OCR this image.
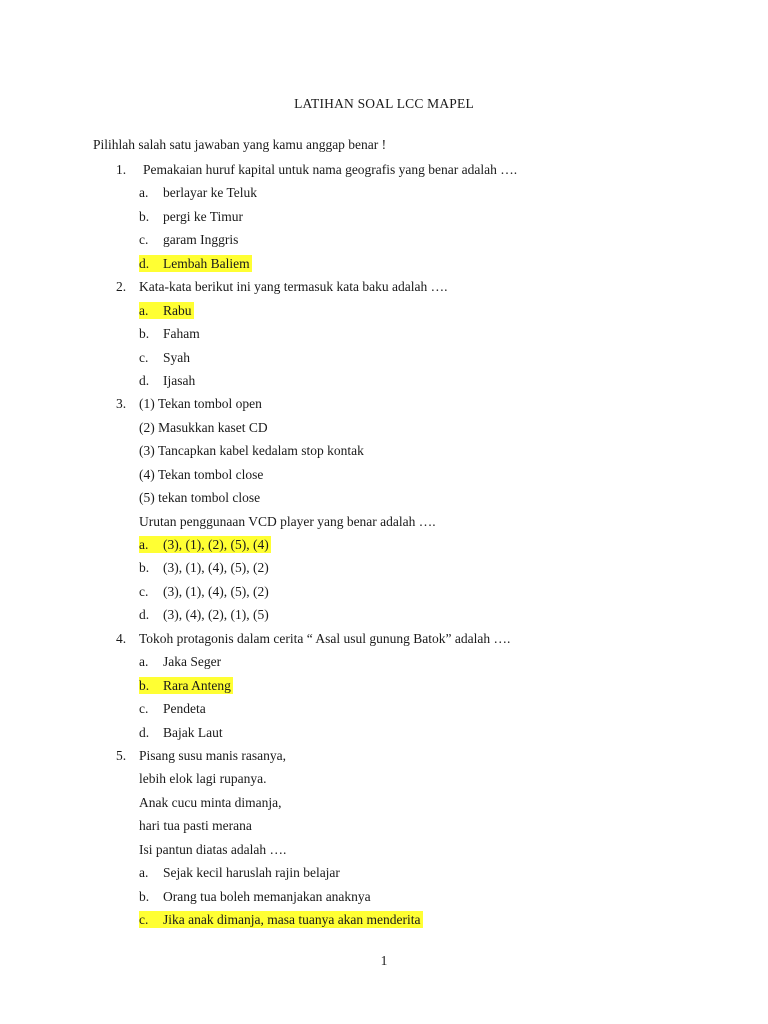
LATIHAN SOAL LCC MAPEL
Pilihlah salah satu jawaban yang kamu anggap benar !
1. Pemakaian huruf kapital untuk nama geografis yang benar adalah ….
a. berlayar ke Teluk
b. pergi ke Timur
c. garam Inggris
d. Lembah Baliem
2. Kata-kata berikut ini yang termasuk kata baku adalah ….
a. Rabu
b. Faham
c. Syah
d. Ijasah
3. (1) Tekan tombol open
(2) Masukkan kaset CD
(3) Tancapkan kabel kedalam stop kontak
(4) Tekan tombol close
(5) tekan tombol close
Urutan penggunaan VCD player yang benar adalah ….
a. (3), (1), (2), (5), (4)
b. (3), (1), (4), (5), (2)
c. (3), (1), (4), (5), (2)
d. (3), (4), (2), (1), (5)
4. Tokoh protagonis dalam cerita “ Asal usul gunung Batok” adalah ….
a. Jaka Seger
b. Rara Anteng
c. Pendeta
d. Bajak Laut
5. Pisang susu manis rasanya,
lebih elok lagi rupanya.
Anak cucu minta dimanja,
hari tua pasti merana
Isi pantun diatas adalah ….
a. Sejak kecil haruslah rajin belajar
b. Orang tua boleh memanjakan anaknya
c. Jika anak dimanja, masa tuanya akan menderita
1
